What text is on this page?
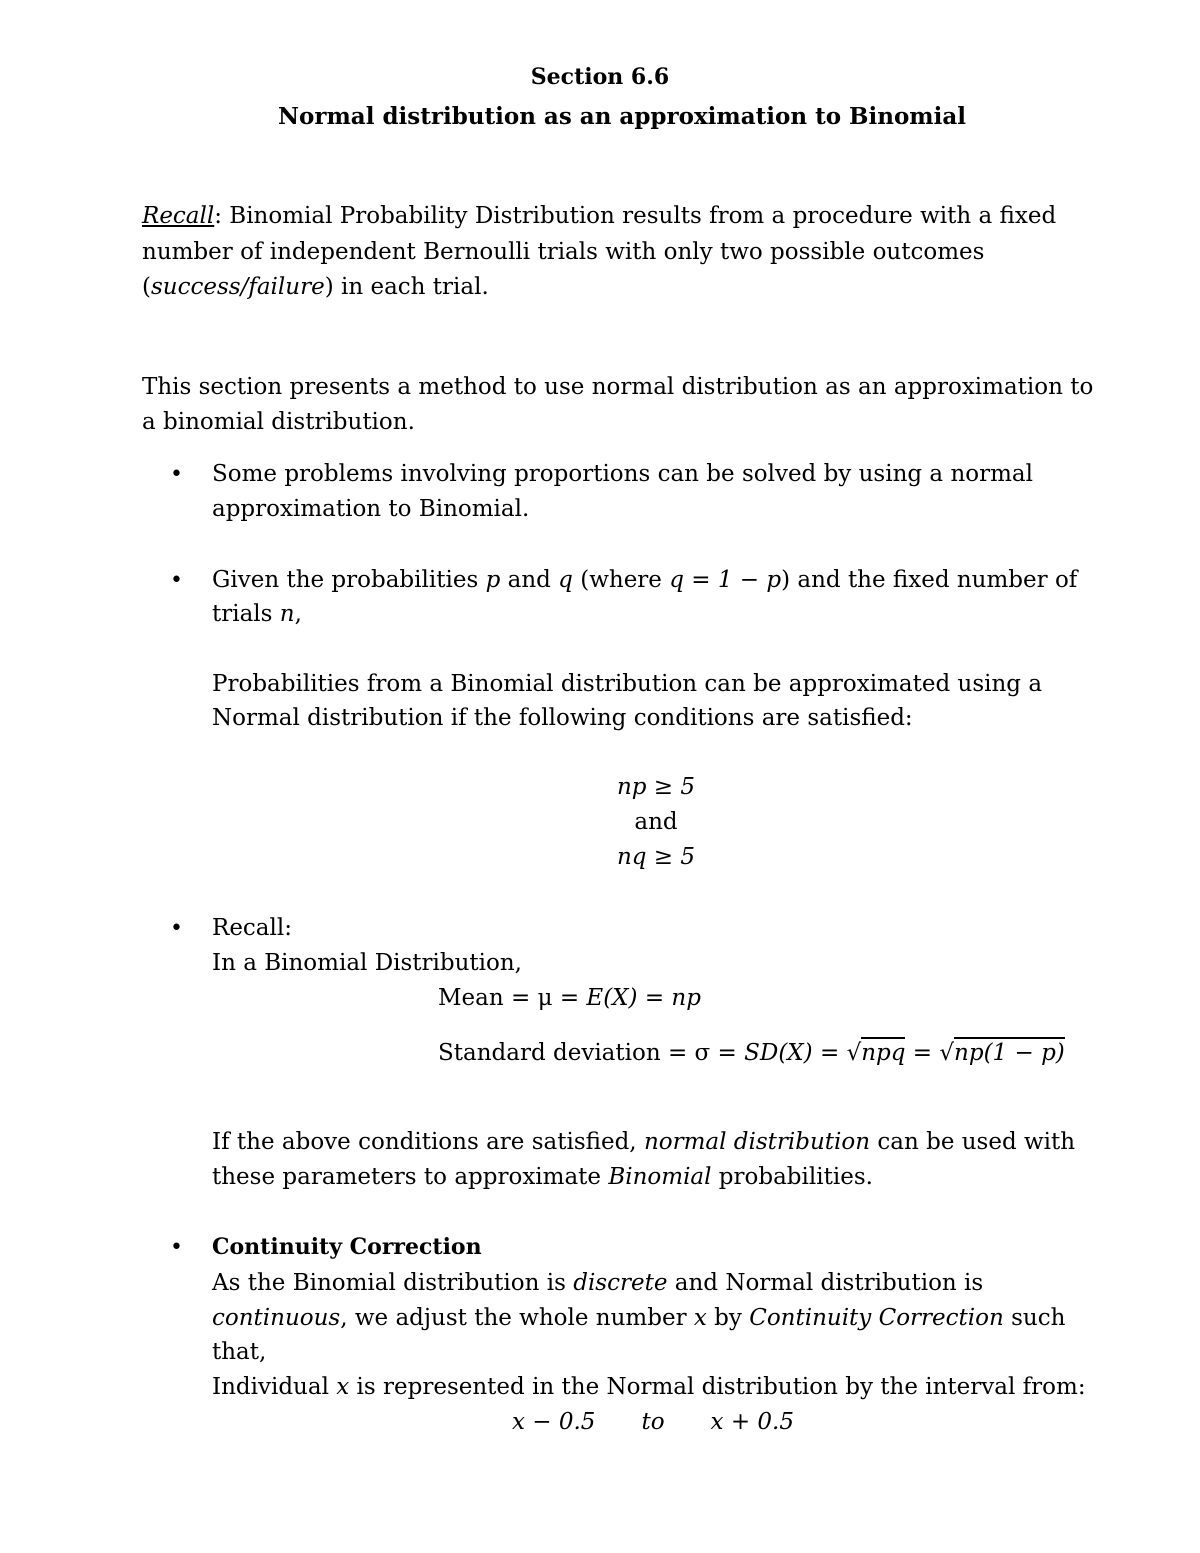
Section 6.6
Normal distribution as an approximation to Binomial
Recall: Binomial Probability Distribution results from a procedure with a fixed
number of independent Bernoulli trials with only two possible outcomes
(success/failure) in each trial.
This section presents a method to use normal distribution as an approximation to
a binomial distribution.
•	Some problems involving proportions can be solved by using a normal
approximation to Binomial.
•	Given the probabilities p and q (where q = 1 − p) and the fixed number of
trials n,
Probabilities from a Binomial distribution can be approximated using a
Normal distribution if the following conditions are satisfied:
np ≥ 5
and
nq ≥ 5
•	Recall:
In a Binomial Distribution,
Mean = μ = E(X) = np
Standard deviation = σ = SD(X) = √npq = √np(1 − p)
If the above conditions are satisfied, normal distribution can be used with
these parameters to approximate Binomial probabilities.
•	Continuity Correction
As the Binomial distribution is discrete and Normal distribution is
continuous, we adjust the whole number x by Continuity Correction such
that,
Individual x is represented in the Normal distribution by the interval from:
x − 0.5 to x + 0.5
